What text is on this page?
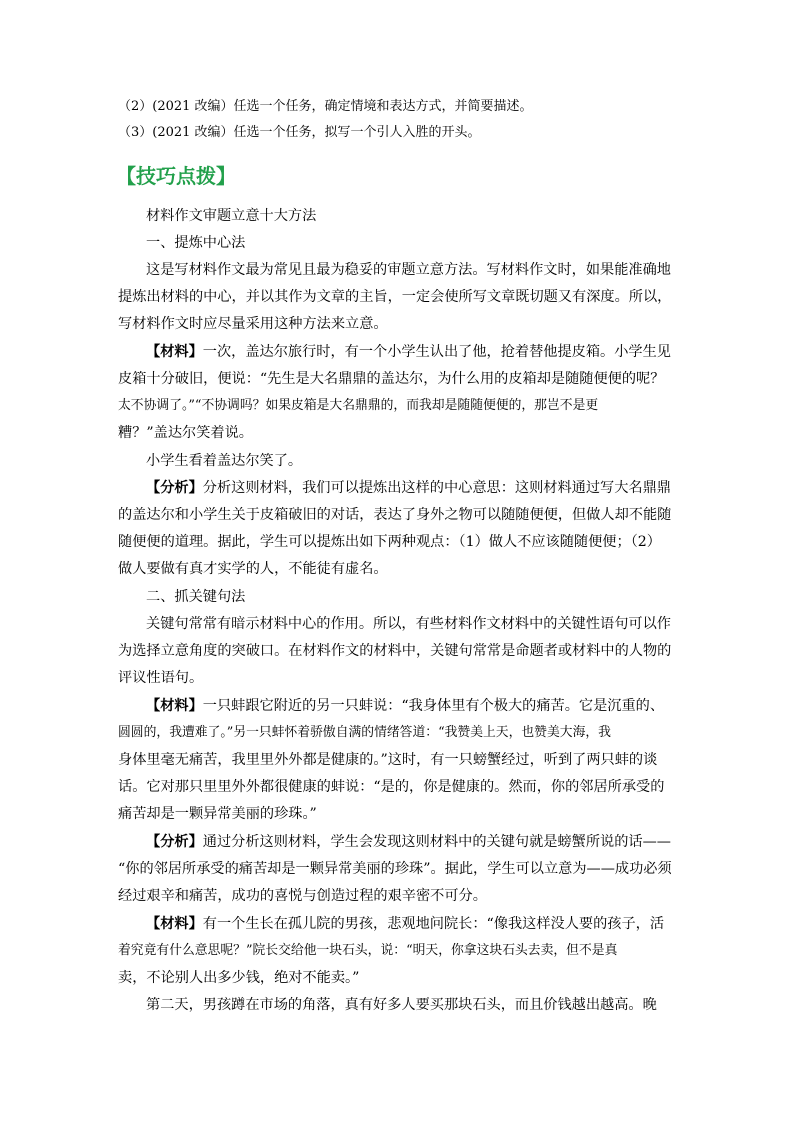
（2）(2021 改编）任选一个任务，确定情境和表达方式，并简要描述。
（3）(2021 改编）任选一个任务，拟写一个引人入胜的开头。
【技巧点拨】
材料作文审题立意十大方法
一、提炼中心法
这是写材料作文最为常见且最为稳妥的审题立意方法。写材料作文时，如果能准确地
提炼出材料的中心，并以其作为文章的主旨，一定会使所写文章既切题又有深度。所以，
写材料作文时应尽量采用这种方法来立意。
【材料】一次，盖达尔旅行时，有一个小学生认出了他，抢着替他提皮箱。小学生见
皮箱十分破旧，便说：“先生是大名鼎鼎的盖达尔，为什么用的皮箱却是随随便便的呢？
太不协调了。”“不协调吗？如果皮箱是大名鼎鼎的，而我却是随随便便的，那岂不是更
糟？”盖达尔笑着说。
小学生看着盖达尔笑了。
【分析】分析这则材料，我们可以提炼出这样的中心意思：这则材料通过写大名鼎鼎
的盖达尔和小学生关于皮箱破旧的对话，表达了身外之物可以随随便便，但做人却不能随
随便便的道理。据此，学生可以提炼出如下两种观点：（1）做人不应该随随便便；（2）
做人要做有真才实学的人，不能徒有虚名。
二、抓关键句法
关键句常常有暗示材料中心的作用。所以，有些材料作文材料中的关键性语句可以作
为选择立意角度的突破口。在材料作文的材料中，关键句常常是命题者或材料中的人物的
评议性语句。
【材料】一只蚌跟它附近的另一只蚌说：“我身体里有个极大的痛苦。它是沉重的、
圆圆的，我遭难了。”另一只蚌怀着骄傲自满的情绪答道：“我赞美上天，也赞美大海，我
身体里毫无痛苦，我里里外外都是健康的。”这时，有一只螃蟹经过，听到了两只蚌的谈
话。它对那只里里外外都很健康的蚌说：“是的，你是健康的。然而，你的邻居所承受的
痛苦却是一颗异常美丽的珍珠。”
【分析】通过分析这则材料，学生会发现这则材料中的关键句就是螃蟹所说的话——
“你的邻居所承受的痛苦却是一颗异常美丽的珍珠”。据此，学生可以立意为——成功必须
经过艰辛和痛苦，成功的喜悦与创造过程的艰辛密不可分。
【材料】有一个生长在孤儿院的男孩，悲观地问院长：“像我这样没人要的孩子，活
着究竟有什么意思呢？”院长交给他一块石头，说：“明天，你拿这块石头去卖，但不是真
卖，不论别人出多少钱，绝对不能卖。”
第二天，男孩蹲在市场的角落，真有好多人要买那块石头，而且价钱越出越高。晚
